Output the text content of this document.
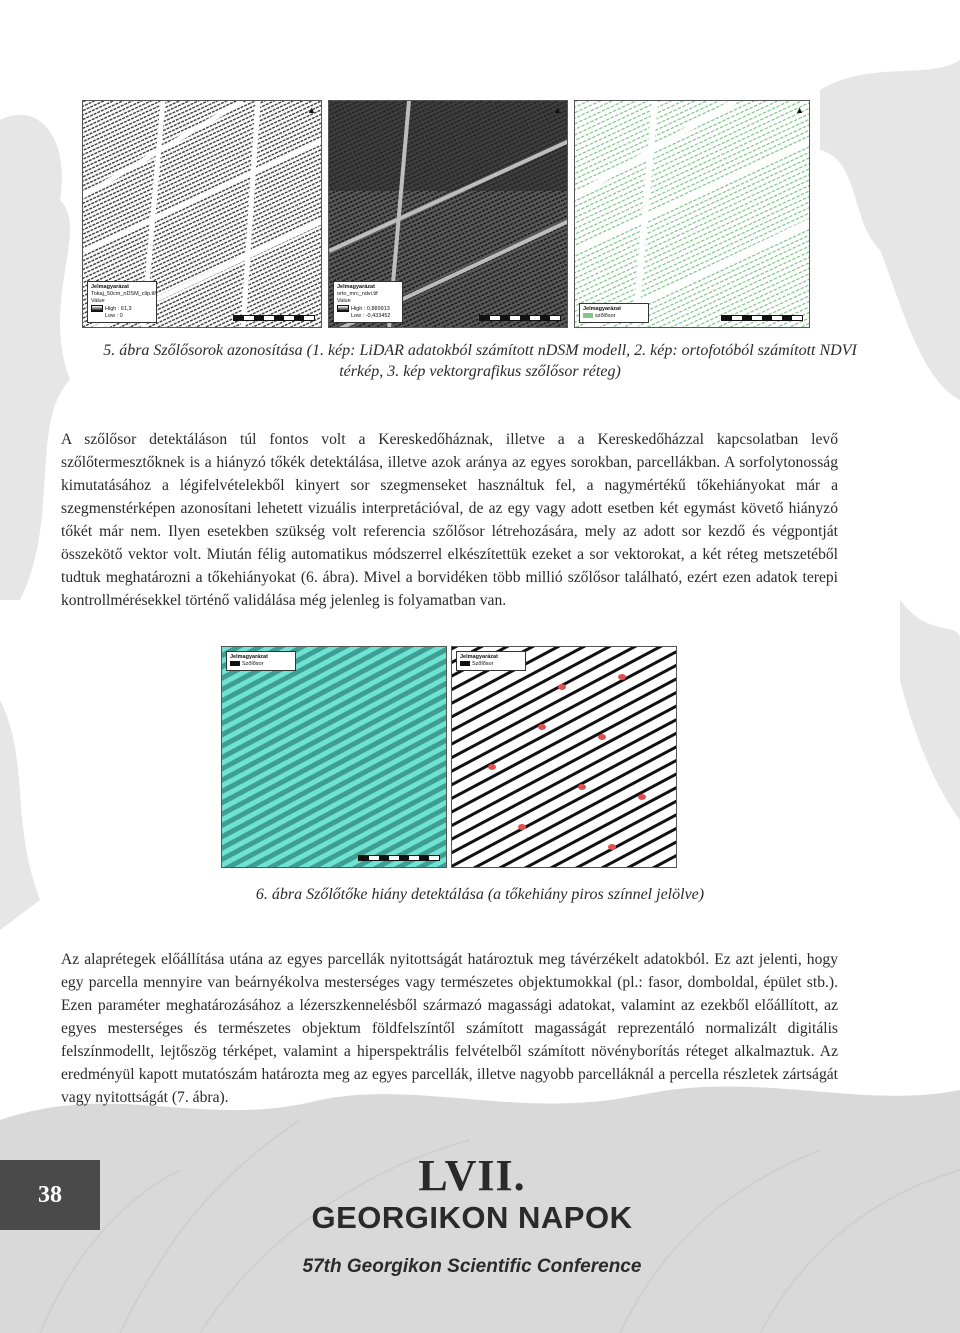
Jelmagyarázat
Tokaj_50cm_nDSM_clip.tif
Value
High : 61,3
Low : 0
▲
Jelmagyarázat
orto_mrc_ndvi.tif
Value
High : 0,889913
Low : -0,433452
▲
Jelmagyarázat
szőlősor
▲
5. ábra Szőlősorok azonosítása (1. kép: LiDAR adatokból számított nDSM modell, 2. kép: ortofotóból számított NDVI
térkép, 3. kép vektorgrafikus szőlősor réteg)
A szőlősor detektáláson túl fontos volt a Kereskedőháznak, illetve a a Kereskedőházzal kapcsolatban levő szőlőtermesztőknek is a hiányzó tőkék detektálása, illetve azok aránya az egyes sorokban, parcellákban. A sorfolytonosság kimutatásához a légifelvételekből kinyert sor szegmenseket használtuk fel, a nagymértékű tőkehiányokat már a szegmenstérképen azonosítani lehetett vizuális interpretációval, de az egy vagy adott esetben két egymást követő hiányzó tőkét már nem. Ilyen esetekben szükség volt referencia szőlősor létrehozására, mely az adott sor kezdő és végpontját összekötő vektor volt. Miután félig automatikus módszerrel elkészítettük ezeket a sor vektorokat, a két réteg metszetéből tudtuk meghatározni a tőkehiányokat (6. ábra). Mivel a borvidéken több millió szőlősor található, ezért ezen adatok terepi kontrollmérésekkel történő validálása még jelenleg is folyamatban van.
Jelmagyarázat
Szőlősor
Jelmagyarázat
Szőlősor
6. ábra Szőlőtőke hiány detektálása (a tőkehiány piros színnel jelölve)
Az alaprétegek előállítása utána az egyes parcellák nyitottságát határoztuk meg távérzékelt adatokból. Ez azt jelenti, hogy egy parcella mennyire van beárnyékolva mesterséges vagy természetes objektumokkal (pl.: fasor, domboldal, épület stb.). Ezen paraméter meghatározásához a lézerszkennelésből származó magassági adatokat, valamint az ezekből előállított, az egyes mesterséges és természetes objektum földfelszíntől számított magasságát reprezentáló normalizált digitális felszínmodellt, lejtőszög térképet, valamint a hiperspektrális felvételből számított növényborítás réteget alkalmaztuk. Az eredményül kapott mutatószám határozta meg az egyes parcellák, illetve nagyobb parcelláknál a percella részletek zártságát vagy nyitottságát (7. ábra).
38	LVII.
GEORGIKON NAPOK
57th Georgikon Scientific Conference
